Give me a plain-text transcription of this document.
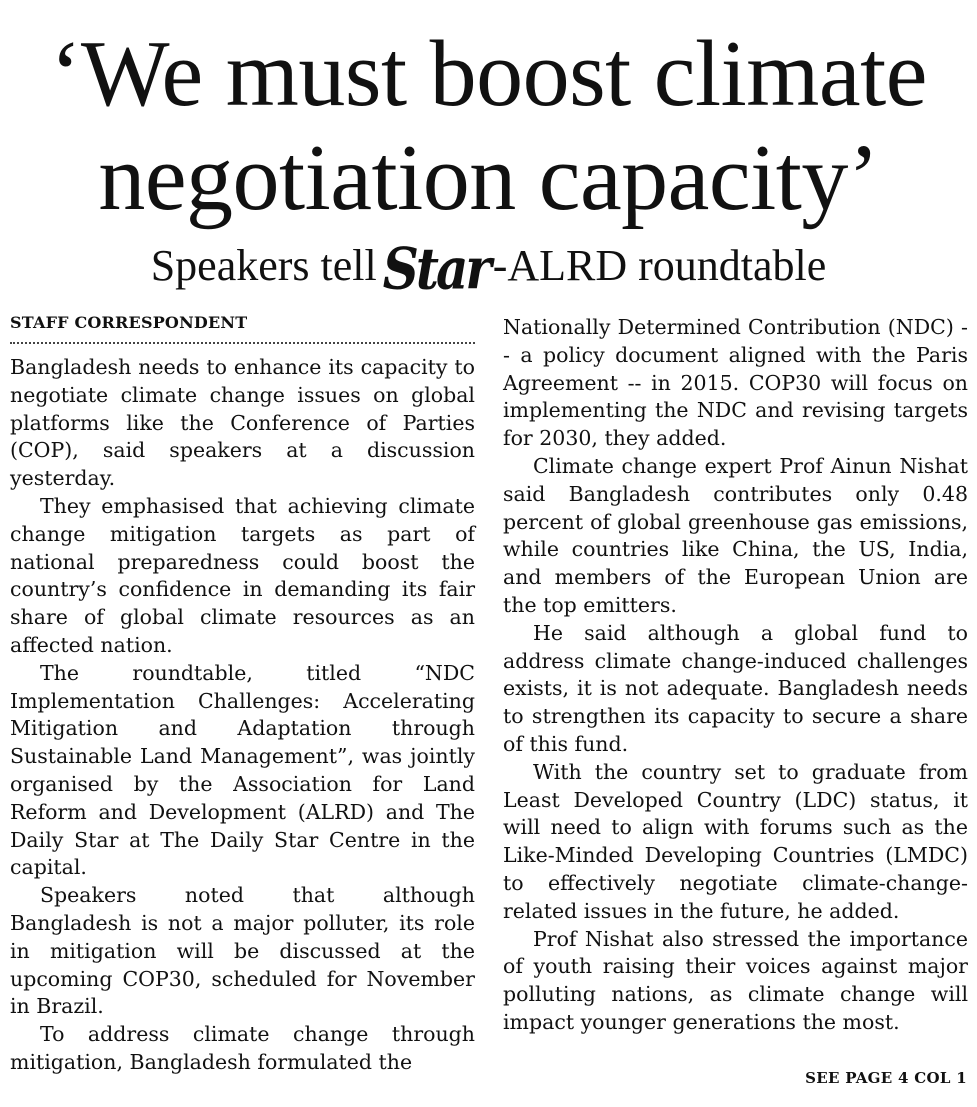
‘We must boost climate
negotiation capacity’
Speakers tell Star-ALRD roundtable
STAFF CORRESPONDENT

Bangladesh needs to enhance its capacity to negotiate climate change issues on global platforms like the Conference of Parties (COP), said speakers at a discussion yesterday.

They emphasised that achieving climate change mitigation targets as part of national preparedness could boost the country’s confidence in demanding its fair share of global climate resources as an affected nation.

The roundtable, titled “NDC Implementation Challenges: Accelerating Mitigation and Adaptation through Sustainable Land Management”, was jointly organised by the Association for Land Reform and Development (ALRD) and The Daily Star at The Daily Star Centre in the capital.

Speakers noted that although Bangladesh is not a major polluter, its role in mitigation will be discussed at the upcoming COP30, scheduled for November in Brazil.

To address climate change through mitigation, Bangladesh formulated the

Nationally Determined Contribution (NDC) -- a policy document aligned with the Paris Agreement -- in 2015. COP30 will focus on implementing the NDC and revising targets for 2030, they added.

Climate change expert Prof Ainun Nishat said Bangladesh contributes only 0.48 percent of global greenhouse gas emissions, while countries like China, the US, India, and members of the European Union are the top emitters.

He said although a global fund to address climate change-induced challenges exists, it is not adequate. Bangladesh needs to strengthen its capacity to secure a share of this fund.

With the country set to graduate from Least Developed Country (LDC) status, it will need to align with forums such as the Like-Minded Developing Countries (LMDC) to effectively negotiate climate-change-related issues in the future, he added.

Prof Nishat also stressed the importance of youth raising their voices against major polluting nations, as climate change will impact younger generations the most.

SEE PAGE 4 COL 1
